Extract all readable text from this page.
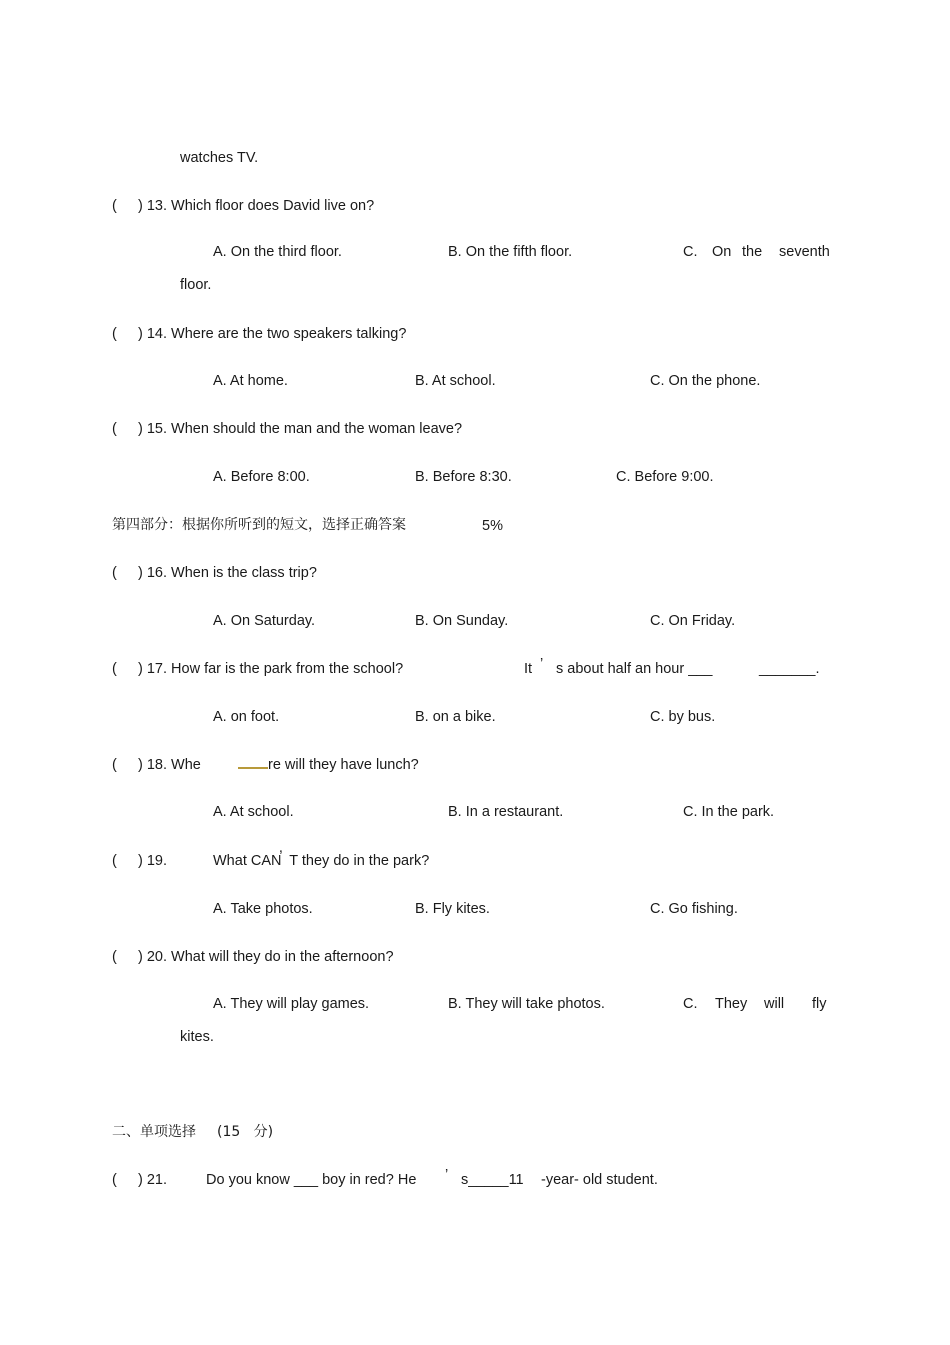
watches TV.
( ) 13. Which floor does David live on?
A. On the third floor.	B. On the fifth floor.	C. On the seventh
floor.
( ) 14. Where are the two speakers talking?
A. At home.	B. At school.	C. On the phone.
( ) 15. When should the man and the woman leave?
A. Before 8:00.	B. Before 8:30.	C. Before 9:00.
第四部分：根据你所听到的短文，选择正确答案	5%
( ) 16. When is the class trip?
A. On Saturday.	B. On Sunday.	C. On Friday.
( ) 17. How far is the park from the school?	It ’ s about half an hour ___	_______.
A. on foot.	B. on a bike.	C. by bus.
( ) 18. Whe	re will they have lunch?
A. At school.	B. In a restaurant.	C. In the park.
( ) 19.	What CAN̕  T they do in the park?
A. Take photos.	B. Fly kites.	C. Go fishing.
( ) 20. What will they do in the afternoon?
A. They will play games.	B. They will take photos.	C. They will fly
kites.
二、单项选择 (15   分)
( ) 21.	Do you know ___ boy in red? He ’ s_____11 -year- old student.
